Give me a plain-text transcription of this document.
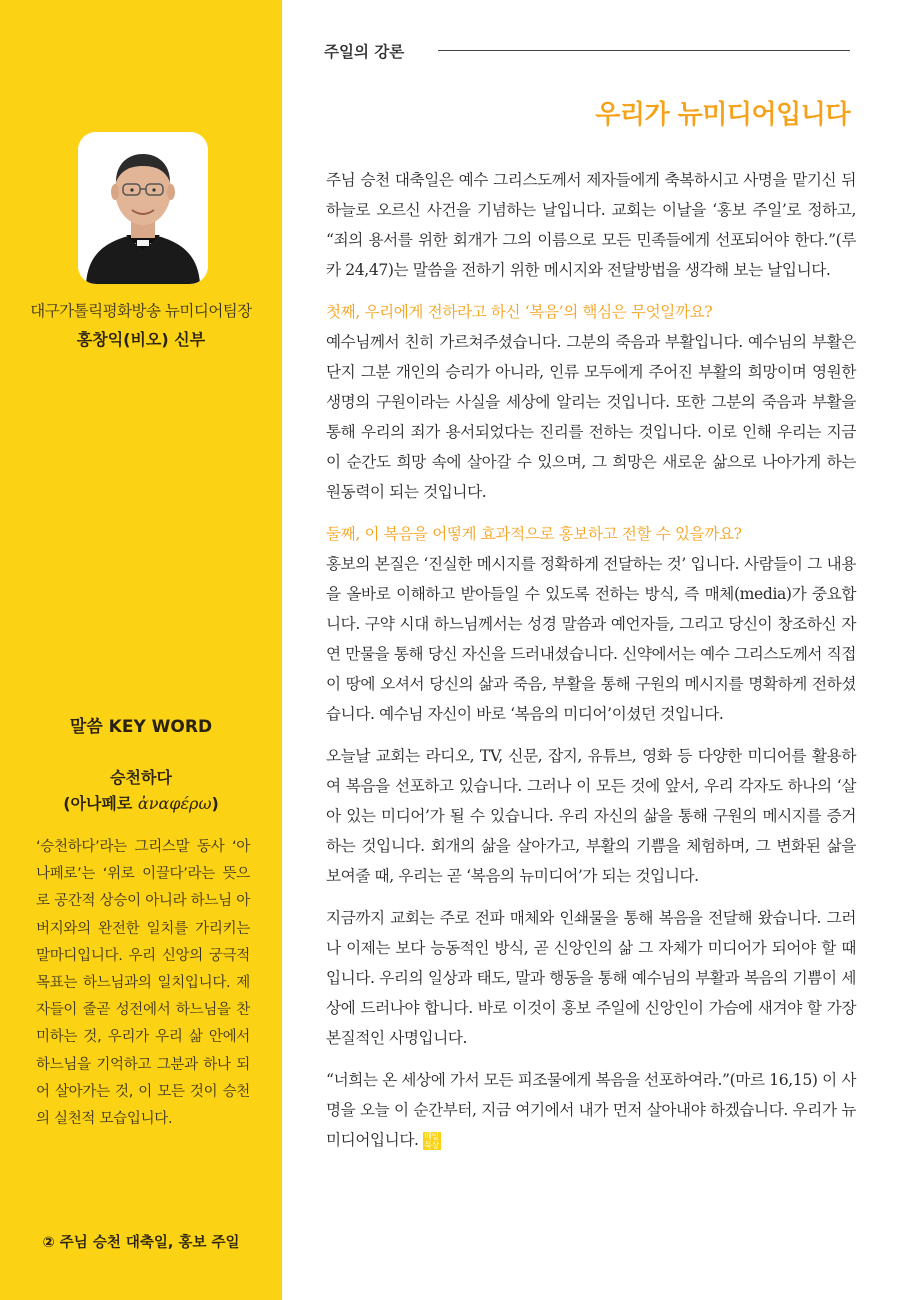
대구가톨릭평화방송 뉴미디어팀장
홍창익(비오) 신부
말씀 KEY WORD
승천하다
(아나페로 ἀναφέρω)

‘승천하다’라는 그리스말 동사 ‘아나페로’는 ‘위로 이끌다’라는 뜻으로 공간적 상승이 아니라 하느님 아버지와의 완전한 일치를 가리키는 말마디입니다. 우리 신앙의 궁극적 목표는 하느님과의 일치입니다. 제자들이 줄곧 성전에서 하느님을 찬미하는 것, 우리가 우리 삶 안에서 하느님을 기억하고 그분과 하나 되어 살아가는 것, 이 모든 것이 승천의 실천적 모습입니다.

② 주님 승천 대축일, 홍보 주일
주일의 강론
우리가 뉴미디어입니다

주님 승천 대축일은 예수 그리스도께서 제자들에게 축복하시고 사명을 맡기신 뒤 하늘로 오르신 사건을 기념하는 날입니다. 교회는 이날을 ‘홍보 주일’로 정하고, “죄의 용서를 위한 회개가 그의 이름으로 모든 민족들에게 선포되어야 한다.”(루카 24,47)는 말씀을 전하기 위한 메시지와 전달방법을 생각해 보는 날입니다.

첫째, 우리에게 전하라고 하신 ‘복음’의 핵심은 무엇일까요?

예수님께서 친히 가르쳐주셨습니다. 그분의 죽음과 부활입니다. 예수님의 부활은 단지 그분 개인의 승리가 아니라, 인류 모두에게 주어진 부활의 희망이며 영원한 생명의 구원이라는 사실을 세상에 알리는 것입니다. 또한 그분의 죽음과 부활을 통해 우리의 죄가 용서되었다는 진리를 전하는 것입니다. 이로 인해 우리는 지금 이 순간도 희망 속에 살아갈 수 있으며, 그 희망은 새로운 삶으로 나아가게 하는 원동력이 되는 것입니다.

둘째, 이 복음을 어떻게 효과적으로 홍보하고 전할 수 있을까요?

홍보의 본질은 ‘진실한 메시지를 정확하게 전달하는 것’ 입니다. 사람들이 그 내용을 올바로 이해하고 받아들일 수 있도록 전하는 방식, 즉 매체(media)가 중요합니다. 구약 시대 하느님께서는 성경 말씀과 예언자들, 그리고 당신이 창조하신 자연 만물을 통해 당신 자신을 드러내셨습니다. 신약에서는 예수 그리스도께서 직접 이 땅에 오셔서 당신의 삶과 죽음, 부활을 통해 구원의 메시지를 명확하게 전하셨습니다. 예수님 자신이 바로 ‘복음의 미디어’이셨던 것입니다.

오늘날 교회는 라디오, TV, 신문, 잡지, 유튜브, 영화 등 다양한 미디어를 활용하여 복음을 선포하고 있습니다. 그러나 이 모든 것에 앞서, 우리 각자도 하나의 ‘살아 있는 미디어’가 될 수 있습니다. 우리 자신의 삶을 통해 구원의 메시지를 증거하는 것입니다. 회개의 삶을 살아가고, 부활의 기쁨을 체험하며, 그 변화된 삶을 보여줄 때, 우리는 곧 ‘복음의 뉴미디어’가 되는 것입니다.

지금까지 교회는 주로 전파 매체와 인쇄물을 통해 복음을 전달해 왔습니다. 그러나 이제는 보다 능동적인 방식, 곧 신앙인의 삶 그 자체가 미디어가 되어야 할 때입니다. 우리의 일상과 태도, 말과 행동을 통해 예수님의 부활과 복음의 기쁨이 세상에 드러나야 합니다. 바로 이것이 홍보 주일에 신앙인이 가슴에 새겨야 할 가장 본질적인 사명입니다.

“너희는 온 세상에 가서 모든 피조물에게 복음을 선포하여라.”(마르 16,15) 이 사명을 오늘 이 순간부터, 지금 여기에서 내가 먼저 살아내야 하겠습니다. 우리가 뉴미디어입니다. 매일 묵상
